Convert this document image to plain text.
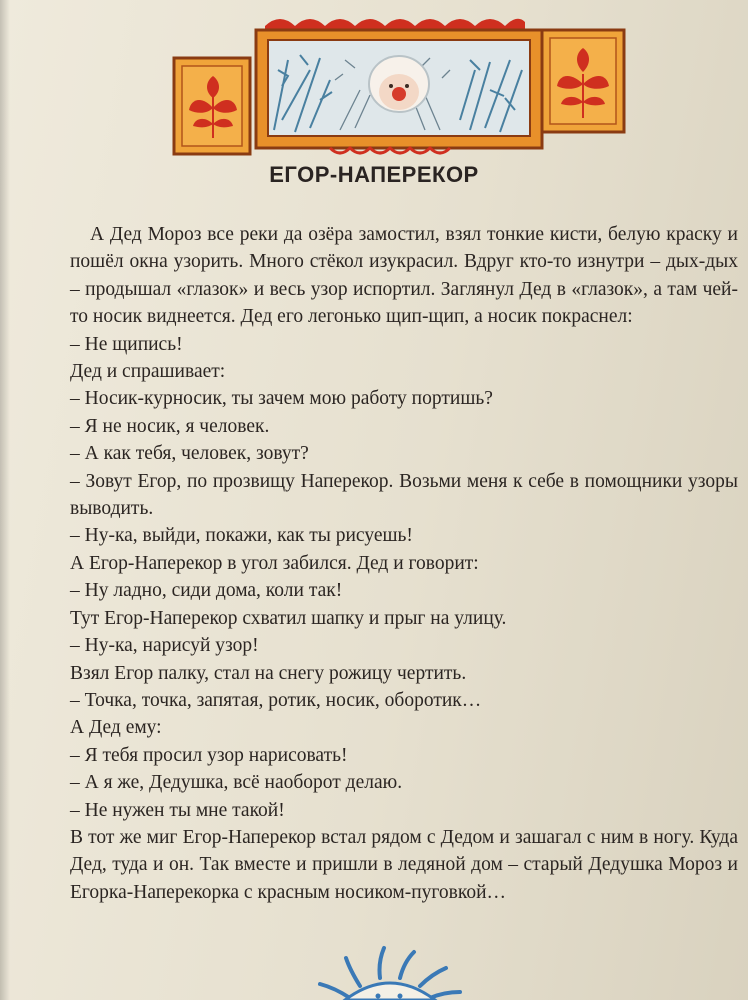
ЕГОР-НАПЕРЕКОР

А Дед Мороз все реки да озёра замостил, взял тонкие кисти, белую краску и пошёл окна узорить. Много стёкол изукрасил. Вдруг кто-то изнутри – дых-дых – продышал «глазок» и весь узор испортил. Заглянул Дед в «глазок», а там чей-то носик виднеется. Дед его легонько щип-щип, а носик покраснел:

– Не щипись!

Дед и спрашивает:

– Носик-курносик, ты зачем мою работу портишь?

– Я не носик, я человек.

– А как тебя, человек, зовут?

– Зовут Егор, по прозвищу Наперекор. Возьми меня к себе в помощники узоры выводить.

– Ну-ка, выйди, покажи, как ты рисуешь!

А Егор-Наперекор в угол забился. Дед и говорит:

– Ну ладно, сиди дома, коли так!

Тут Егор-Наперекор схватил шапку и прыг на улицу.

– Ну-ка, нарисуй узор!

Взял Егор палку, стал на снегу рожицу чертить.

– Точка, точка, запятая, ротик, носик, оборотик…

А Дед ему:

– Я тебя просил узор нарисовать!

– А я же, Дедушка, всё наоборот делаю.

– Не нужен ты мне такой!

В тот же миг Егор-Наперекор встал рядом с Дедом и зашагал с ним в ногу. Куда Дед, туда и он. Так вместе и пришли в ледяной дом – старый Дедушка Мороз и Егорка-Наперекорка с красным носиком-пуговкой…
